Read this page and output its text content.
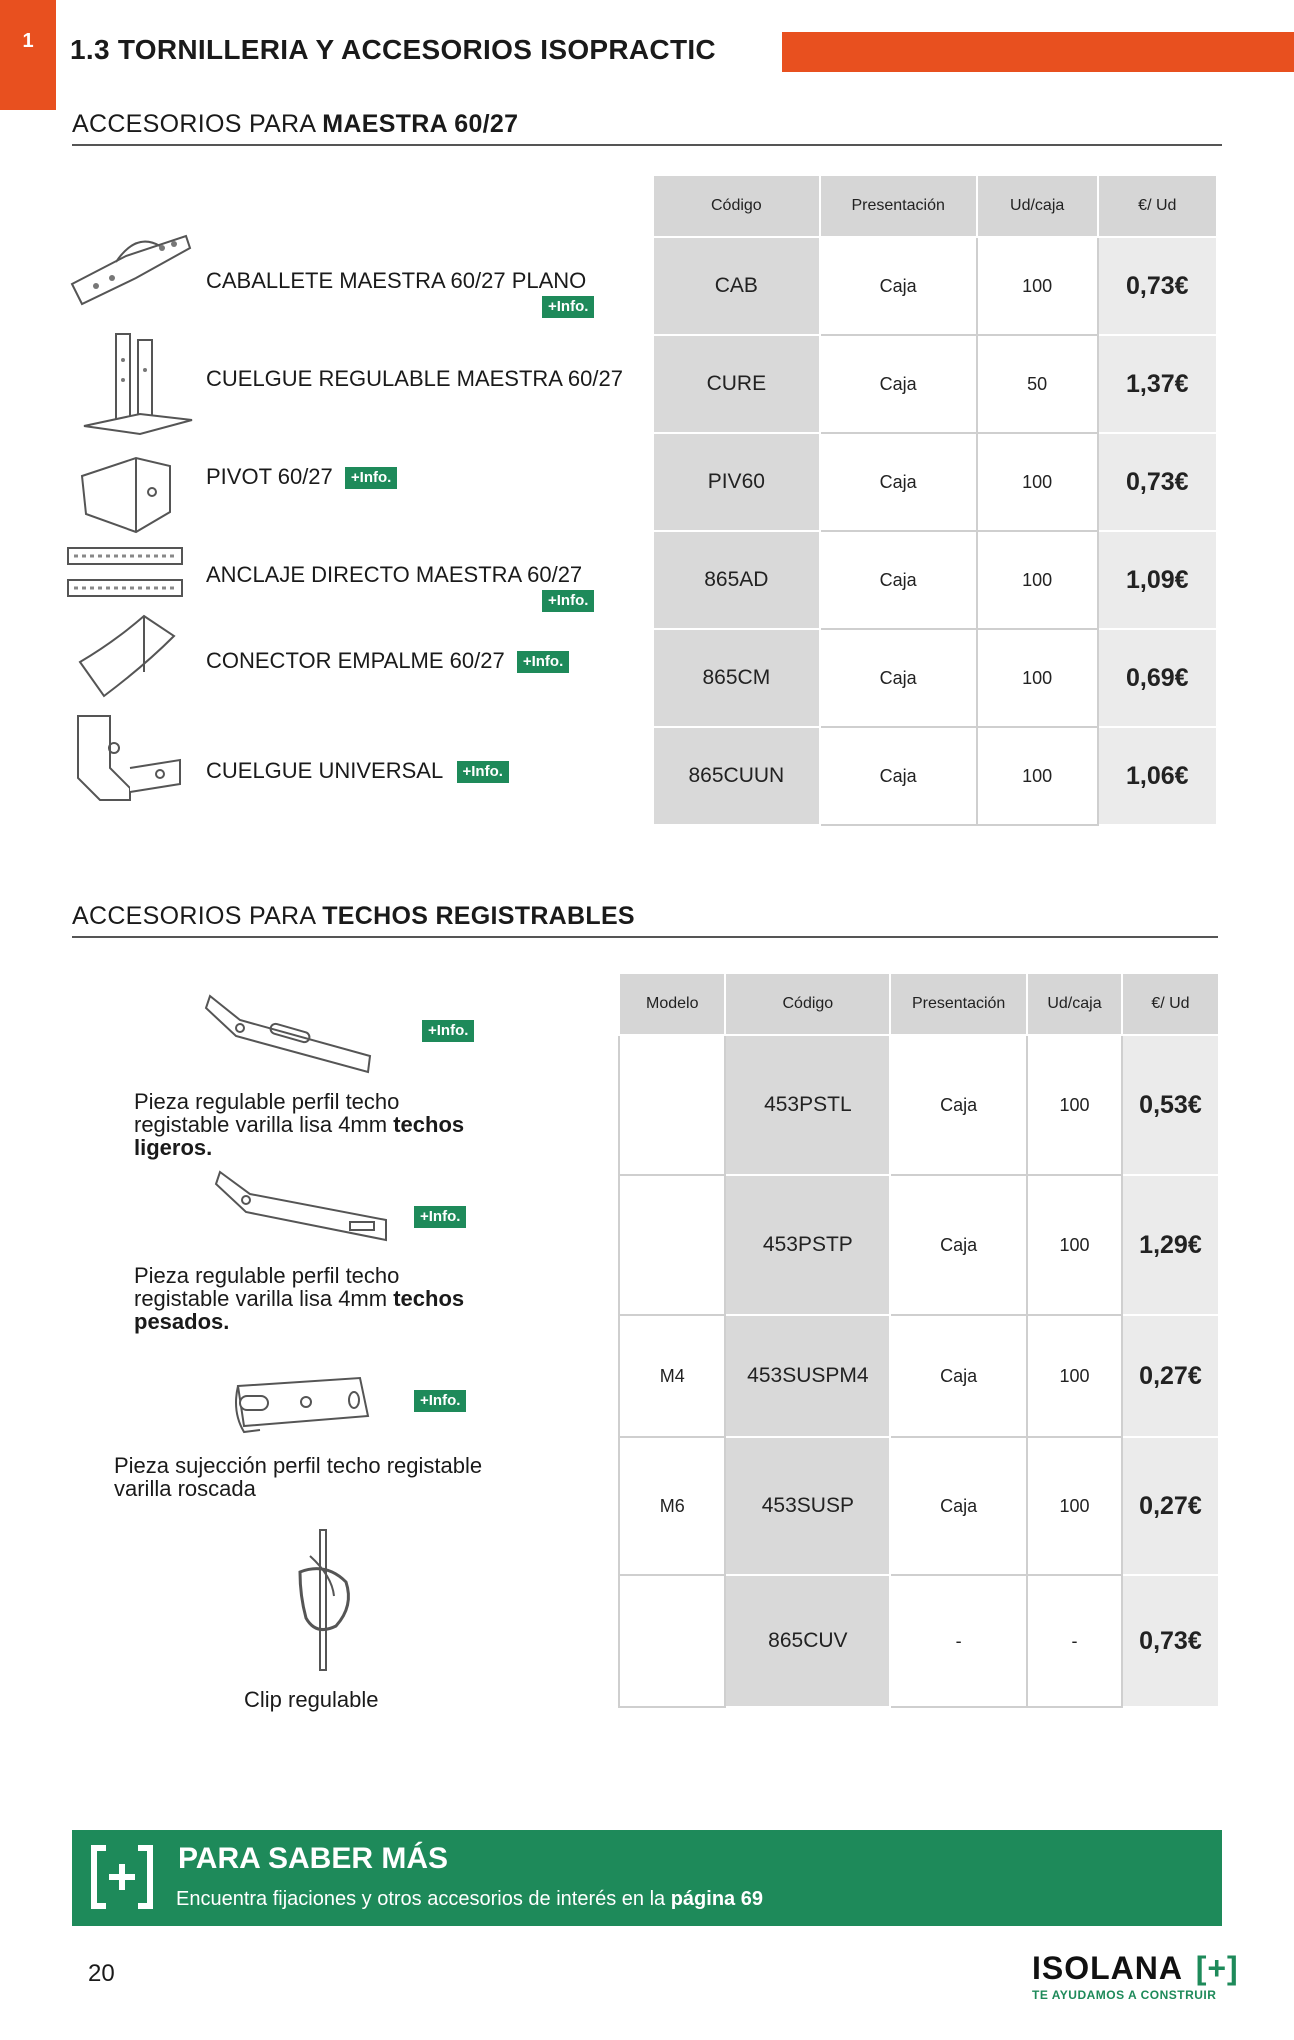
1	1.3 TORNILLERIA Y ACCESORIOS ISOPRACTIC
ACCESORIOS PARA MAESTRA 60/27
CABALLETE MAESTRA 60/27 PLANO
+Info.
CUELGUE REGULABLE MAESTRA 60/27
PIVOT 60/27 +Info.
ANCLAJE DIRECTO MAESTRA 60/27
+Info.
CONECTOR EMPALME 60/27 +Info.
CUELGUE UNIVERSAL +Info.
Código	Presentación	Ud/caja	€/ Ud
CAB	Caja	100	0,73€
CURE	Caja	50	1,37€
PIV60	Caja	100	0,73€
865AD	Caja	100	1,09€
865CM	Caja	100	0,69€
865CUUN	Caja	100	1,06€
ACCESORIOS PARA TECHOS REGISTRABLES
+Info.
Pieza regulable perfil techo
registable varilla lisa 4mm techos
ligeros.
+Info.
Pieza regulable perfil techo
registable varilla lisa 4mm techos
pesados.
+Info.
Pieza sujección perfil techo registable
varilla roscada
Clip regulable
Modelo	Código	Presentación	Ud/caja	€/ Ud
	453PSTL	Caja	100	0,53€
	453PSTP	Caja	100	1,29€
M4	453SUSPM4	Caja	100	0,27€
M6	453SUSP	Caja	100	0,27€
	865CUV	-	-	0,73€
PARA SABER MÁS
Encuentra fijaciones y otros accesorios de interés en la página 69
20	ISOLANA [+]
TE AYUDAMOS A CONSTRUIR
